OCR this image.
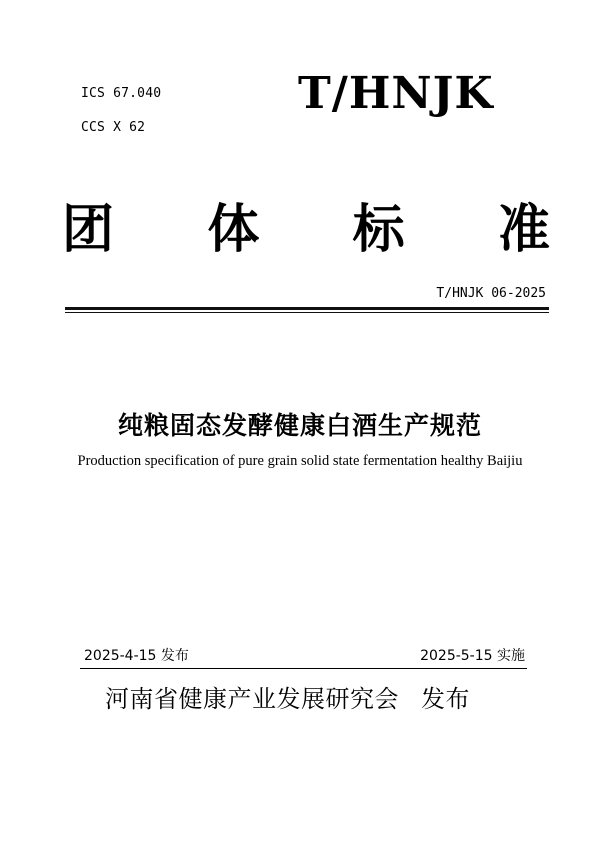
ICS 67.040
CCS X 62
T/HNJK
团 体 标 准
T/HNJK 06-2025
纯粮固态发酵健康白酒生产规范
Production specification of pure grain solid state fermentation healthy Baijiu
2025-4-15 发布	2025-5-15 实施
河南省健康产业发展研究会 发布
